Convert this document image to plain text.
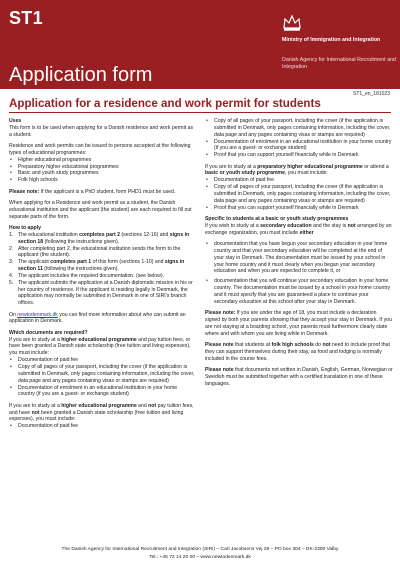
ST1
Application form
Ministry of Immigration and Integration
Danish Agency for International Recruitment and Integration
ST1_en_181023
Application for a residence and work permit for students
Uses

This form is to be used when applying for a Danish residence and work permit as a student.

Residence and work permits can be issued to persons accepted at the following types of educational programmes:

• Higher educational programmes
• Preparatory higher educational programmes
• Basic and youth study programmes
• Folk high schools

Please note: If the applicant is a PhD student, form PHD1 must be used.

When applying for a Residence and work permit as a student, the Danish educational institution and the applicant (the student) are each required to fill out separate parts of the form.

How to apply
1. The educational institution completes part 2 (sections 12-16) and signs in section 18 (following the instructions given).
2. After completing part 2, the educational institution sends the form to the applicant (the student).
3. The applicant completes part 1 of this form (sections 1-10) and signs in section 11 (following the instructions given).
4. The applicant includes the required documentation. (see below).
5. The applicant submits the application at a Danish diplomatic mission in his or her country of residence. If the applicant is residing legally in Denmark, the application may normally be submitted in Denmark in one of SIRI's branch offices.

On newtodenmark.dk you can find more information about who can submit an application in Denmark.

Which documents are required?

If you are to study at a higher educational programme and pay tuition fees, or have been granted a Danish state scholarship (free tuition and living expenses), you must include:

• Documentation of paid fee
• Copy of all pages of your passport, including the cover (if the application is submitted in Denmark, only pages containing information, including the cover, data page and any pages containing visas or stamps are required)
• Documentation of enrolment in an educational institution in your home country (if you are a guest- or exchange student)

If you are to study at a higher educational programme and not pay tuition fees, and have not been granted a Danish state scholarship (free tuition and living expenses), you must include:

• Documentation of paid fee
• Copy of all pages of your passport, including the cover (if the application is submitted in Denmark, only pages containing information, including the cover, data page and any pages containing visas or stamps are required)
• Documentation of enrolment in an educational institution in your home country (if you are a guest- or exchange student)
• Proof that you can support yourself financially while in Denmark

If you are to study at a preparatory higher educational programme or attend a basic or youth study programme, you must include:

• Documentation of paid fee
• Copy of all pages of your passport, including the cover (if the application is submitted in Denmark, only pages containing information, including the cover, data page and any pages containing visas or stamps are required)
• Proof that you can support yourself financially while in Denmark
Specific to students at a basic or youth study programmes

If you wish to study at a secondary education and the stay is not arranged by an exchange organization, you must include either

• documentation that you have begun your secondary education in your home country and that your secondary education will be completed at the end of your stay in Denmark. The documentation must be issued by your school in your home country and it must clearly when you began your secondary education and when you are expected to complete it, or
• documentation that you will continue your secondary education in your home country. The documentation must be issued by a school in your home country and it must specify that you are guaranteed a place to continue your secondary education at this school after your stay in Denmark.

Please note: If you are under the age of 18, you must include a declaration signed by both your parents showing that they accept your stay in Denmark. If you are not staying at a boarding school, your parents must furthermore clearly state where and with whom you are living while in Denmark.

Please note that students at folk high schools do not need to include proof that they can support themselves during their stay, as food and lodging is normally included in the course fees.

Please note that documents not written in Danish, English, German, Norwegian or Swedish must be submitted together with a certified translation in one of these languages.

The Danish Agency for International Recruitment and Integration (SIRI) – Carl Jacobsens Vej 39 – PO box 304 – DK-2300 Valby
Tel.: +45 72 14 20 00 – www.newtodenmark.dk
